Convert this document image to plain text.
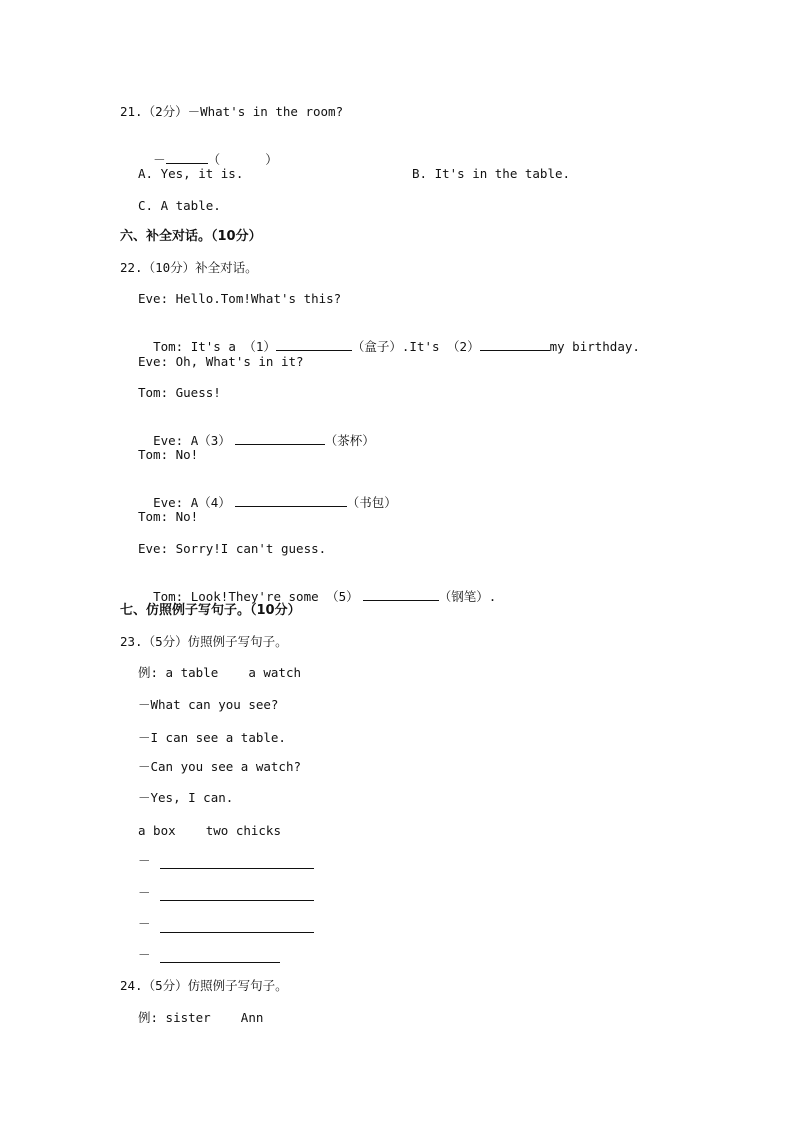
21.（2分）－What's in the room?

－	（      ）

A. Yes, it is.	B. It's in the table.
C. A table.
六、补全对话。（10分）
22.（10分）补全对话。
Eve: Hello.Tom!What's this?

Tom: It's a （1）	（盒子）.It's （2）	my birthday.

Eve: Oh, What's in it?
Tom: Guess!

Eve: A（3）	（茶杯）

Tom: No!

Eve: A（4）	（书包）

Tom: No!
Eve: Sorry!I can't guess.

Tom: Look!They're some （5）	（钢笔）.

七、仿照例子写句子。（10分）
23.（5分）仿照例子写句子。
例: a table    a watch
－What can you see?
－I can see a table.
－Can you see a watch?
－Yes, I can.
a box    two chicks
－
－
－
－
24.（5分）仿照例子写句子。
例: sister    Ann
